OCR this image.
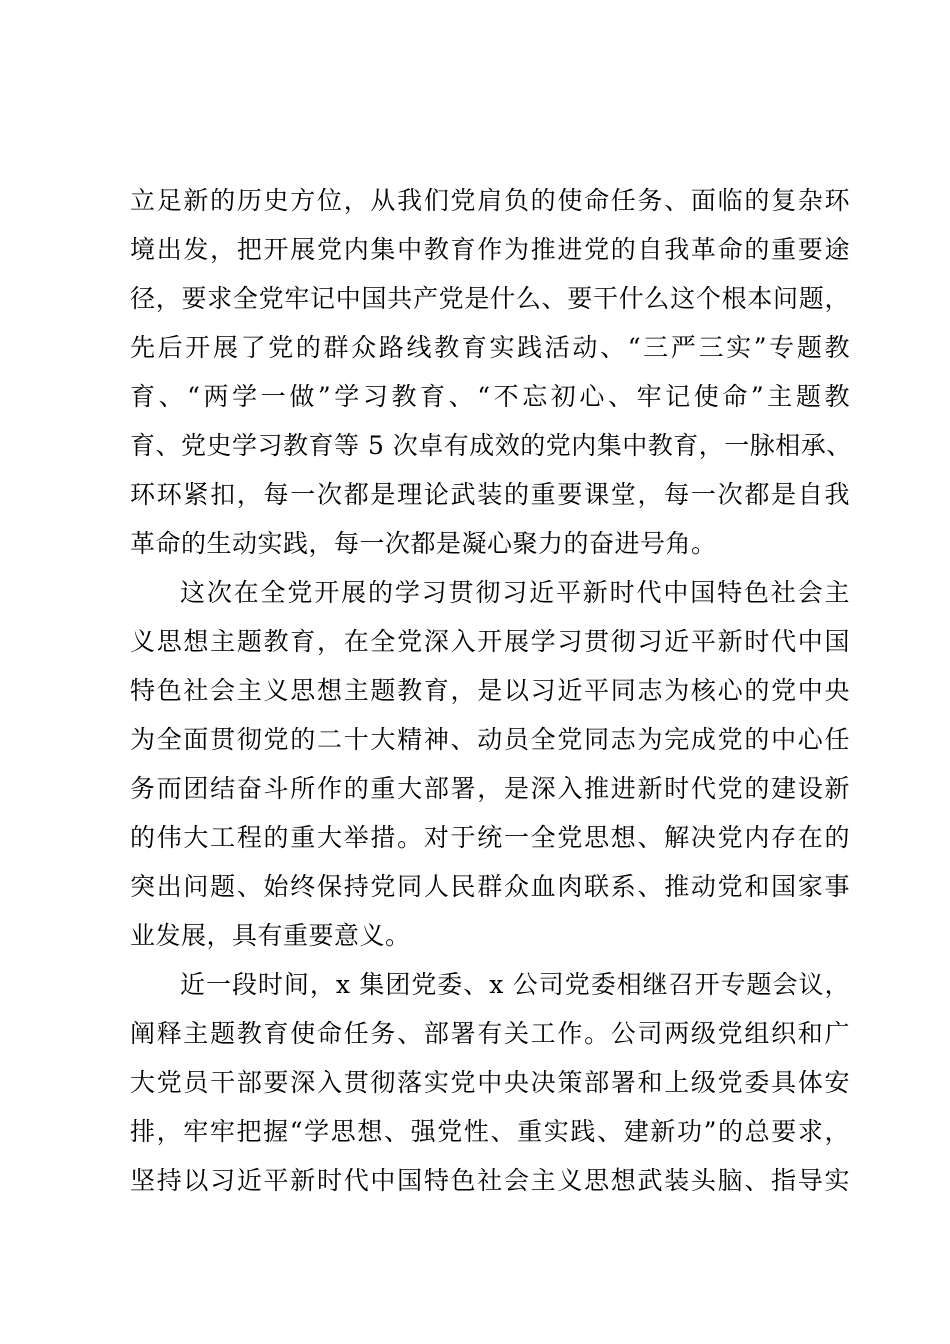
立足新的历史方位，从我们党肩负的使命任务、面临的复杂环
境出发，把开展党内集中教育作为推进党的自我革命的重要途
径，要求全党牢记中国共产党是什么、要干什么这个根本问题，
先后开展了党的群众路线教育实践活动、“三严三实”专题教
育、“两学一做”学习教育、“不忘初心、牢记使命”主题教
育、党史学习教育等 5 次卓有成效的党内集中教育，一脉相承、
环环紧扣，每一次都是理论武装的重要课堂，每一次都是自我
革命的生动实践，每一次都是凝心聚力的奋进号角。
这次在全党开展的学习贯彻习近平新时代中国特色社会主
义思想主题教育，在全党深入开展学习贯彻习近平新时代中国
特色社会主义思想主题教育，是以习近平同志为核心的党中央
为全面贯彻党的二十大精神、动员全党同志为完成党的中心任
务而团结奋斗所作的重大部署，是深入推进新时代党的建设新
的伟大工程的重大举措。对于统一全党思想、解决党内存在的
突出问题、始终保持党同人民群众血肉联系、推动党和国家事
业发展，具有重要意义。
近一段时间，x 集团党委、x 公司党委相继召开专题会议，
阐释主题教育使命任务、部署有关工作。公司两级党组织和广
大党员干部要深入贯彻落实党中央决策部署和上级党委具体安
排，牢牢把握“学思想、强党性、重实践、建新功”的总要求，
坚持以习近平新时代中国特色社会主义思想武装头脑、指导实
